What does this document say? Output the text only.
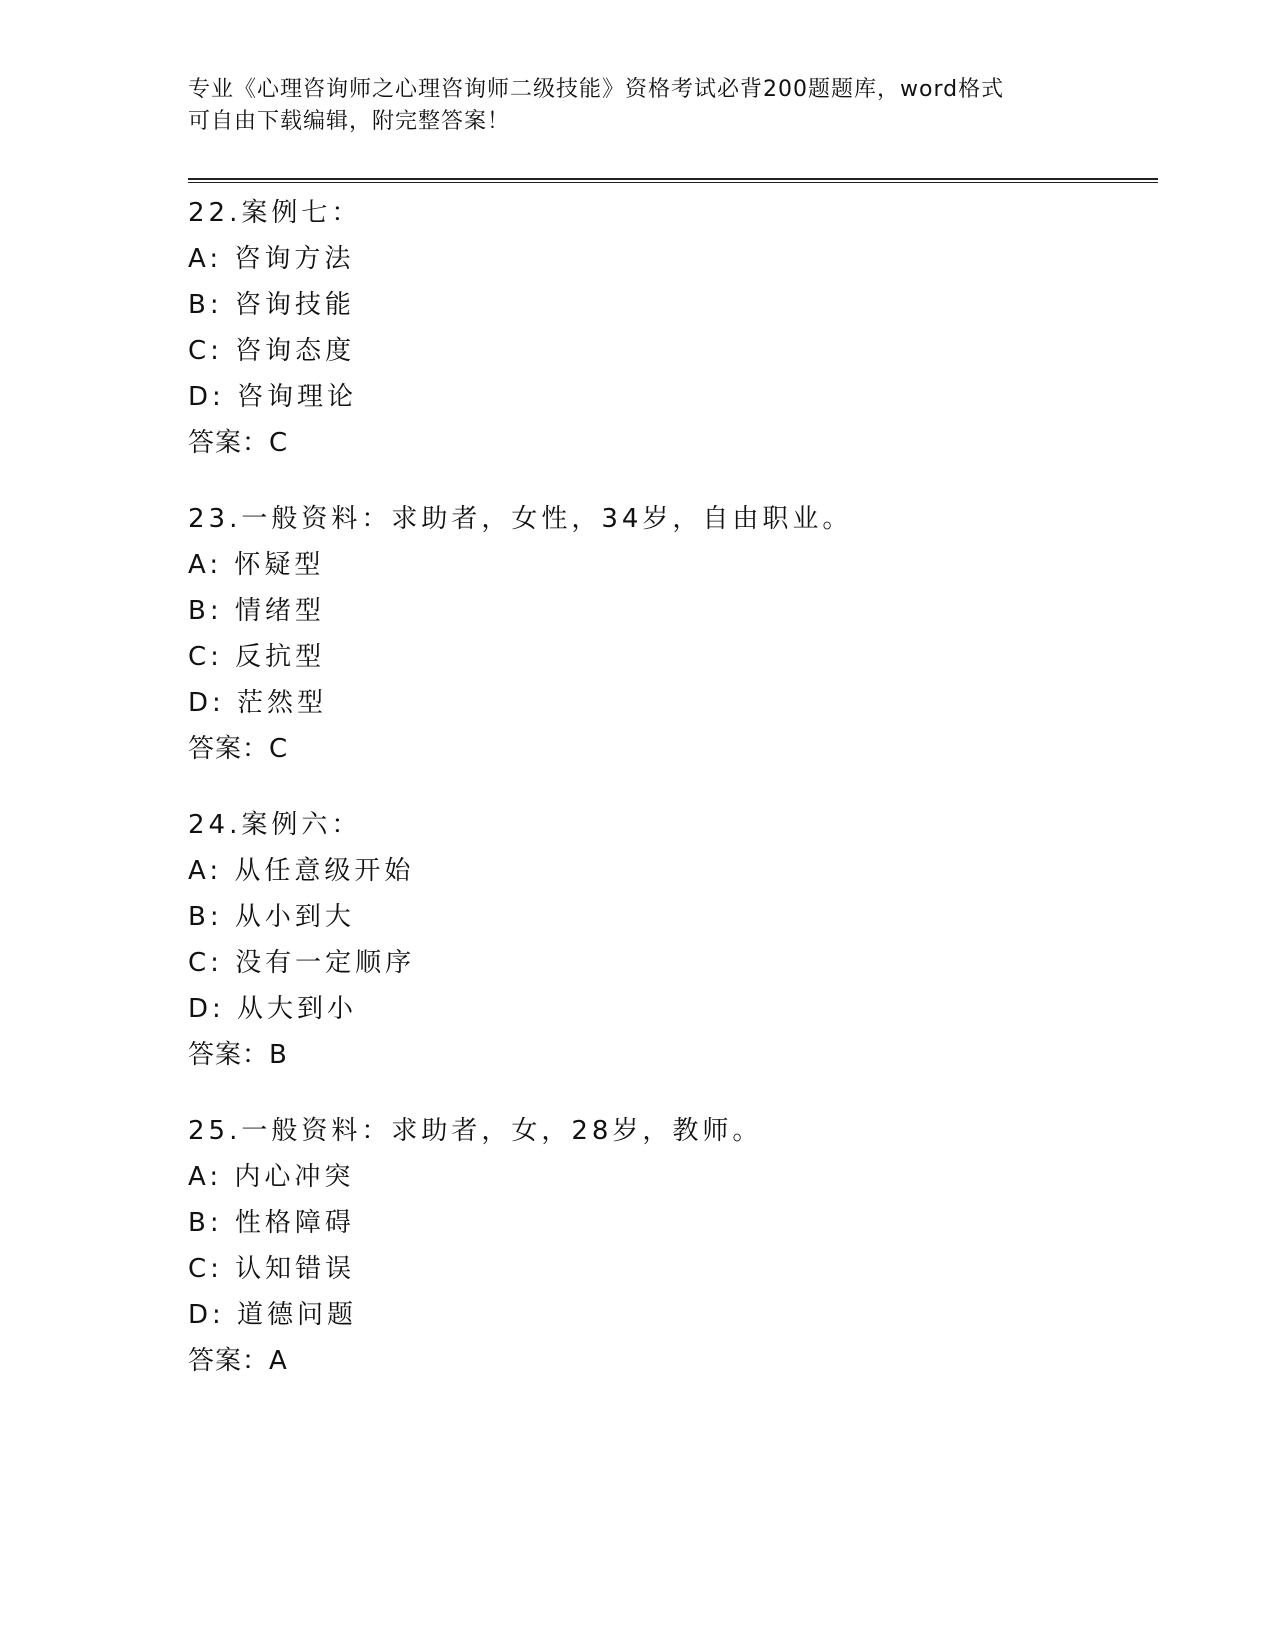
专业《心理咨询师之心理咨询师二级技能》资格考试必背200题题库，word格式
可自由下载编辑，附完整答案！
22.案例七：
A: 咨询方法
B: 咨询技能
C: 咨询态度
D: 咨询理论
答案：C
23.一般资料：求助者，女性，34岁，自由职业。
A: 怀疑型
B: 情绪型
C: 反抗型
D: 茫然型
答案：C
24.案例六：
A: 从任意级开始
B: 从小到大
C: 没有一定顺序
D: 从大到小
答案：B
25.一般资料：求助者，女，28岁，教师。
A: 内心冲突
B: 性格障碍
C: 认知错误
D: 道德问题
答案：A
